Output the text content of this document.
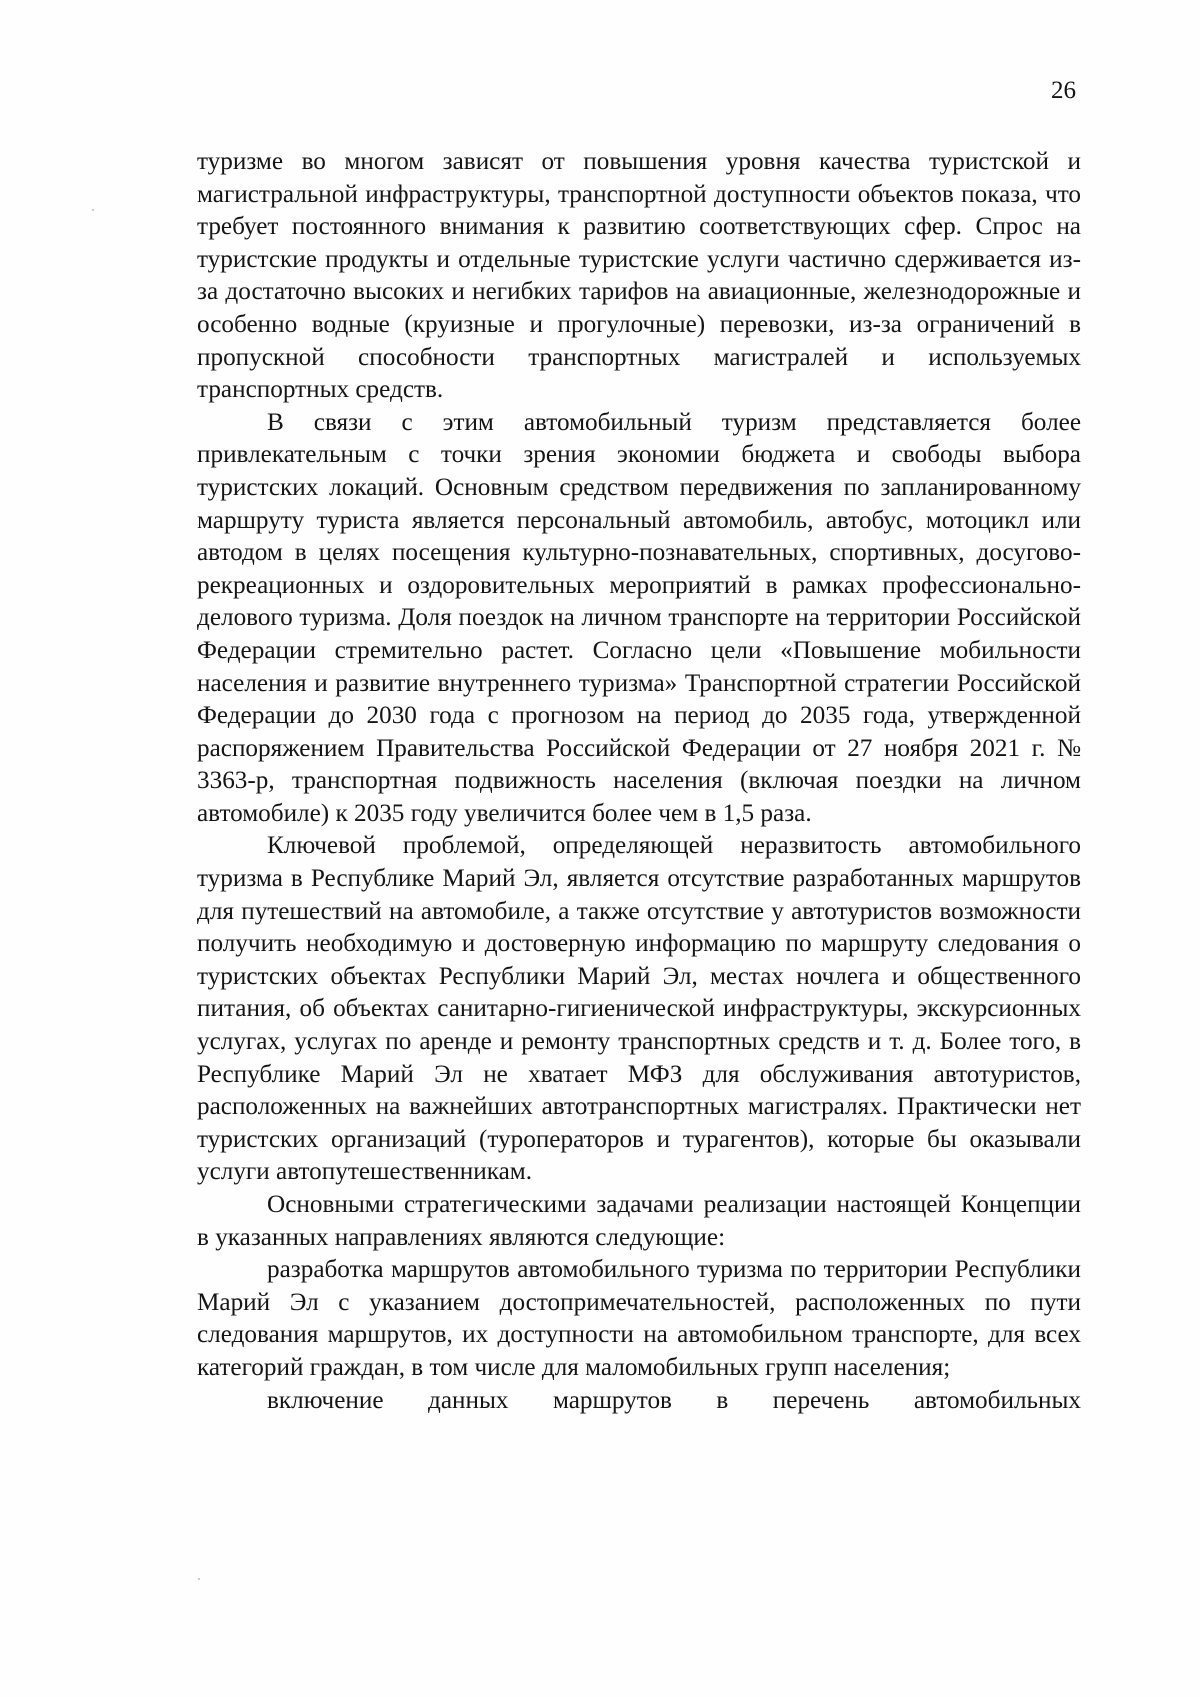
26

туризме во многом зависят от повышения уровня качества туристской и магистральной инфраструктуры, транспортной доступности объектов показа, что требует постоянного внимания к развитию соответствующих сфер. Спрос на туристские продукты и отдельные туристские услуги частично сдерживается из-за достаточно высоких и негибких тарифов на авиационные, железнодорожные и особенно водные (круизные и прогулочные) перевозки, из-за ограничений в пропускной способности транспортных магистралей и используемых транспортных средств.

В связи с этим автомобильный туризм представляется более привлекательным с точки зрения экономии бюджета и свободы выбора туристских локаций. Основным средством передвижения по запланированному маршруту туриста является персональный автомобиль, автобус, мотоцикл или автодом в целях посещения культурно-познавательных, спортивных, досугово-рекреационных и оздоровительных мероприятий в рамках профессионально-делового туризма. Доля поездок на личном транспорте на территории Российской Федерации стремительно растет. Согласно цели «Повышение мобильности населения и развитие внутреннего туризма» Транспортной стратегии Российской Федерации до 2030 года с прогнозом на период до 2035 года, утвержденной распоряжением Правительства Российской Федерации от 27 ноября 2021 г. № 3363-р, транспортная подвижность населения (включая поездки на личном автомобиле) к 2035 году увеличится более чем в 1,5 раза.

Ключевой проблемой, определяющей неразвитость автомобильного туризма в Республике Марий Эл, является отсутствие разработанных маршрутов для путешествий на автомобиле, а также отсутствие у автотуристов возможности получить необходимую и достоверную информацию по маршруту следования о туристских объектах Республики Марий Эл, местах ночлега и общественного питания, об объектах санитарно-гигиенической инфраструктуры, экскурсионных услугах, услугах по аренде и ремонту транспортных средств и т. д. Более того, в Республике Марий Эл не хватает МФЗ для обслуживания автотуристов, расположенных на важнейших автотранспортных магистралях. Практически нет туристских организаций (туроператоров и турагентов), которые бы оказывали услуги автопутешественникам.

Основными стратегическими задачами реализации настоящей Концепции в указанных направлениях являются следующие:

разработка маршрутов автомобильного туризма по территории Республики Марий Эл с указанием достопримечательностей, расположенных по пути следования маршрутов, их доступности на автомобильном транспорте, для всех категорий граждан, в том числе для маломобильных групп населения;

включение данных маршрутов в перечень автомобильных
